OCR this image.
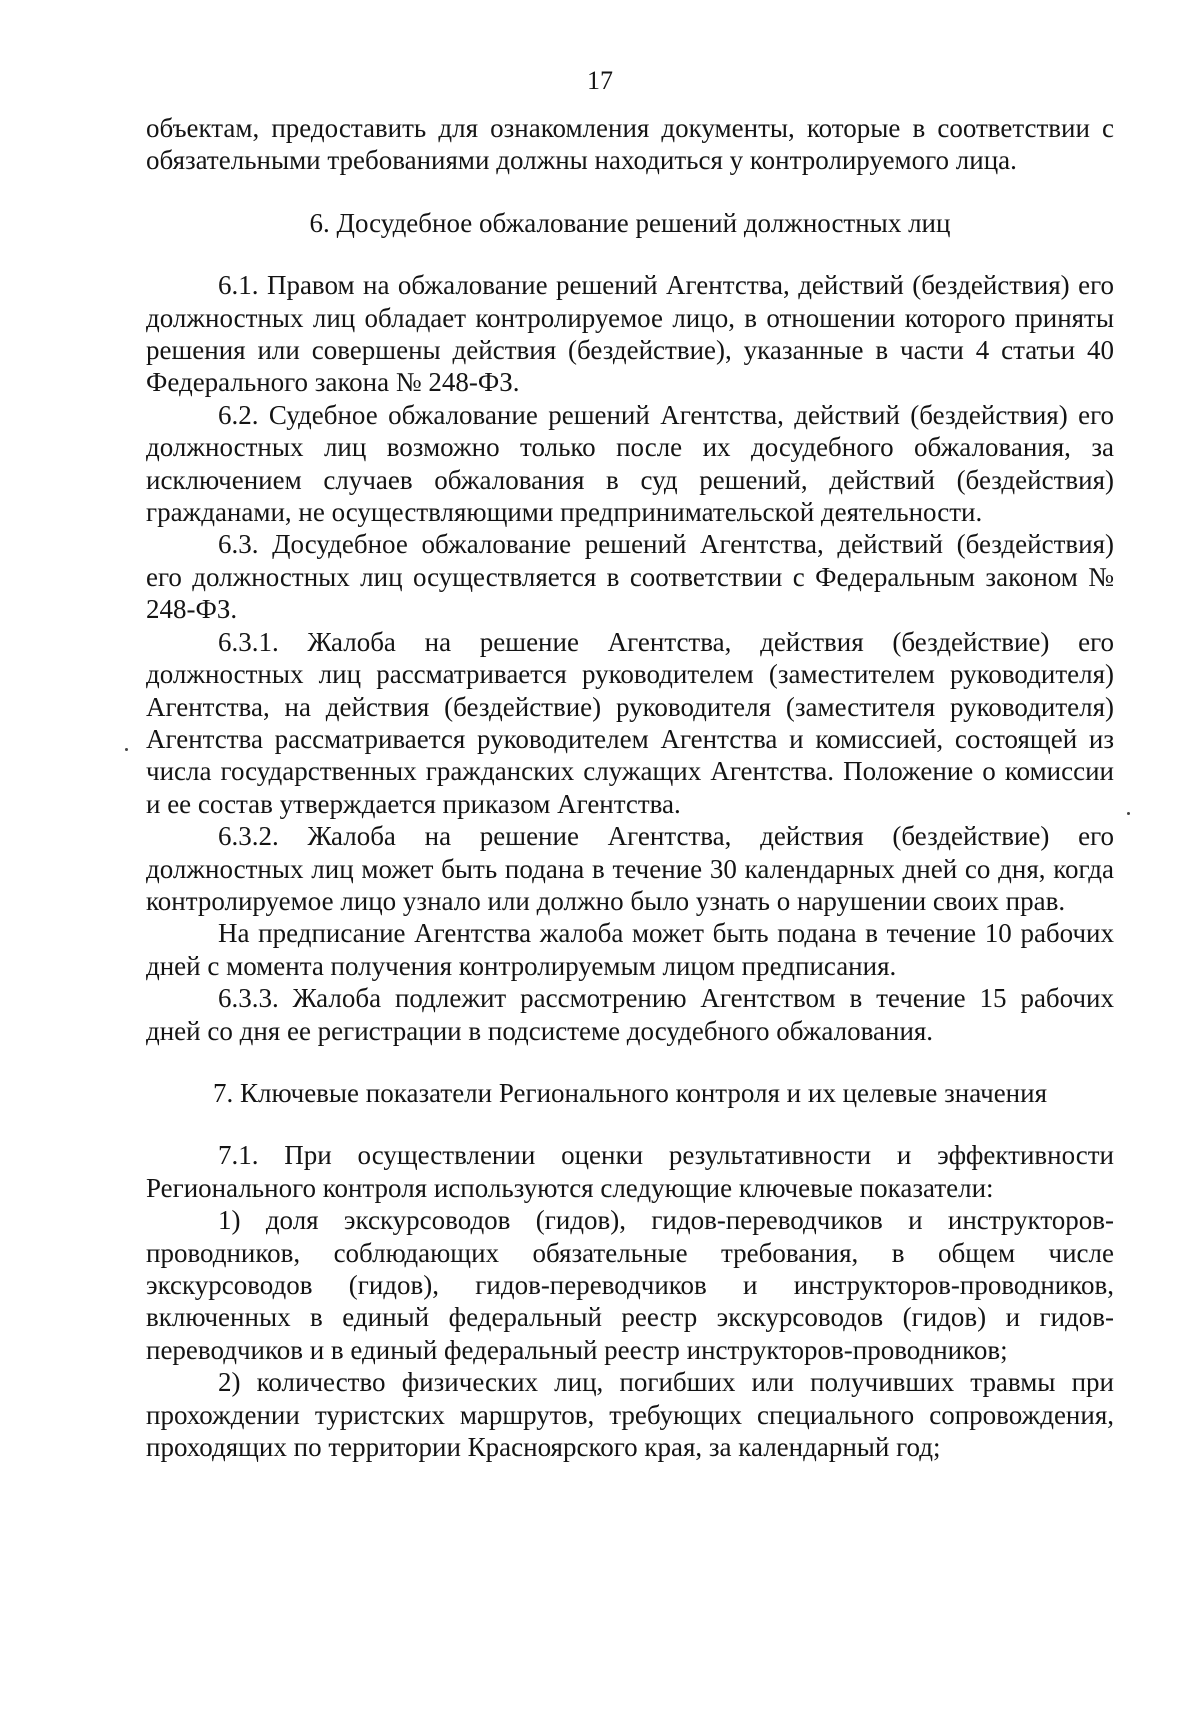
17

объектам, предоставить для ознакомления документы, которые в соответствии с обязательными требованиями должны находиться у контролируемого лица.

6. Досудебное обжалование решений должностных лиц

6.1. Правом на обжалование решений Агентства, действий (бездействия) его должностных лиц обладает контролируемое лицо, в отношении которого приняты решения или совершены действия (бездействие), указанные в части 4 статьи 40 Федерального закона № 248-ФЗ.

6.2. Судебное обжалование решений Агентства, действий (бездействия) его должностных лиц возможно только после их досудебного обжалования, за исключением случаев обжалования в суд решений, действий (бездействия) гражданами, не осуществляющими предпринимательской деятельности.

6.3. Досудебное обжалование решений Агентства, действий (бездействия) его должностных лиц осуществляется в соответствии с Федеральным законом № 248-ФЗ.

6.3.1. Жалоба на решение Агентства, действия (бездействие) его должностных лиц рассматривается руководителем (заместителем руководителя) Агентства, на действия (бездействие) руководителя (заместителя руководителя) Агентства рассматривается руководителем Агентства и комиссией, состоящей из числа государственных гражданских служащих Агентства. Положение о комиссии и ее состав утверждается приказом Агентства.

6.3.2. Жалоба на решение Агентства, действия (бездействие) его должностных лиц может быть подана в течение 30 календарных дней со дня, когда контролируемое лицо узнало или должно было узнать о нарушении своих прав.

На предписание Агентства жалоба может быть подана в течение 10 рабочих дней с момента получения контролируемым лицом предписания.

6.3.3. Жалоба подлежит рассмотрению Агентством в течение 15 рабочих дней со дня ее регистрации в подсистеме досудебного обжалования.

7. Ключевые показатели Регионального контроля и их целевые значения

7.1. При осуществлении оценки результативности и эффективности Регионального контроля используются следующие ключевые показатели:

1) доля экскурсоводов (гидов), гидов-переводчиков и инструкторов-проводников, соблюдающих обязательные требования, в общем числе экскурсоводов (гидов), гидов-переводчиков и инструкторов-проводников, включенных в единый федеральный реестр экскурсоводов (гидов) и гидов-переводчиков и в единый федеральный реестр инструкторов-проводников;

2) количество физических лиц, погибших или получивших травмы при прохождении туристских маршрутов, требующих специального сопровождения, проходящих по территории Красноярского края, за календарный год;
